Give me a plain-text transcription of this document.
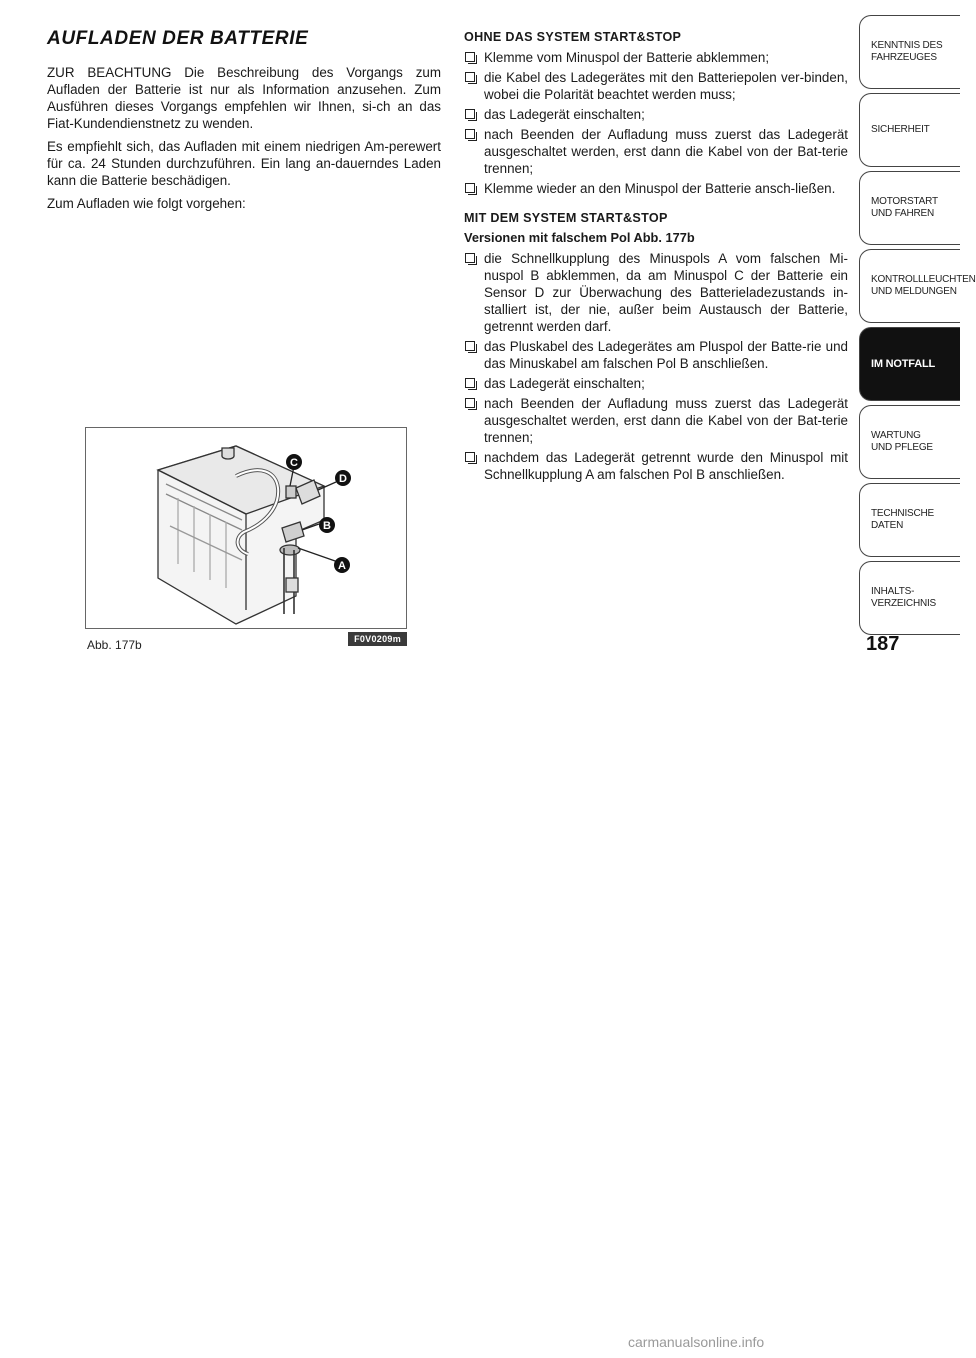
AUFLADEN DER BATTERIE

ZUR BEACHTUNG Die Beschreibung des Vorgangs zum Aufladen der Batterie ist nur als Information anzusehen. Zum Ausführen dieses Vorgangs empfehlen wir Ihnen, si-ch an das Fiat-Kundendienstnetz zu wenden.

Es empfiehlt sich, das Aufladen mit einem niedrigen Am-perewert für ca. 24 Stunden durchzuführen. Ein lang an-dauerndes Laden kann die Batterie beschädigen.

Zum Aufladen wie folgt vorgehen:

OHNE DAS SYSTEM START&STOP
Klemme vom Minuspol der Batterie abklemmen;
die Kabel des Ladegerätes mit den Batteriepolen ver-binden, wobei die Polarität beachtet werden muss;
das Ladegerät einschalten;
nach Beenden der Aufladung muss zuerst das Ladegerät ausgeschaltet werden, erst dann die Kabel von der Bat-terie trennen;
Klemme wieder an den Minuspol der Batterie ansch-ließen.
MIT DEM SYSTEM START&STOP
Versionen mit falschem Pol Abb. 177b
die Schnellkupplung des Minuspols A vom falschen Mi-nuspol B abklemmen, da am Minuspol C der Batterie ein Sensor D zur Überwachung des Batterieladezustands in-stalliert ist, der nie, außer beim Austausch der Batterie, getrennt werden darf.
das Pluskabel des Ladegerätes am Pluspol der Batte-rie und das Minuskabel am falschen Pol B anschließen.
das Ladegerät einschalten;
nach Beenden der Aufladung muss zuerst das Ladegerät ausgeschaltet werden, erst dann die Kabel von der Bat-terie trennen;
nachdem das Ladegerät getrennt wurde den Minuspol mit Schnellkupplung A am falschen Pol B anschließen.
C
D
B
A
Abb. 177b	F0V0209m
KENNTNIS DES
FAHRZEUGES
SICHERHEIT
MOTORSTART
UND FAHREN
KONTROLLLEUCHTEN
UND MELDUNGEN
IM NOTFALL
WARTUNG
UND PFLEGE
TECHNISCHE DATEN
INHALTS-
VERZEICHNIS
187
carmanualsonline.info
